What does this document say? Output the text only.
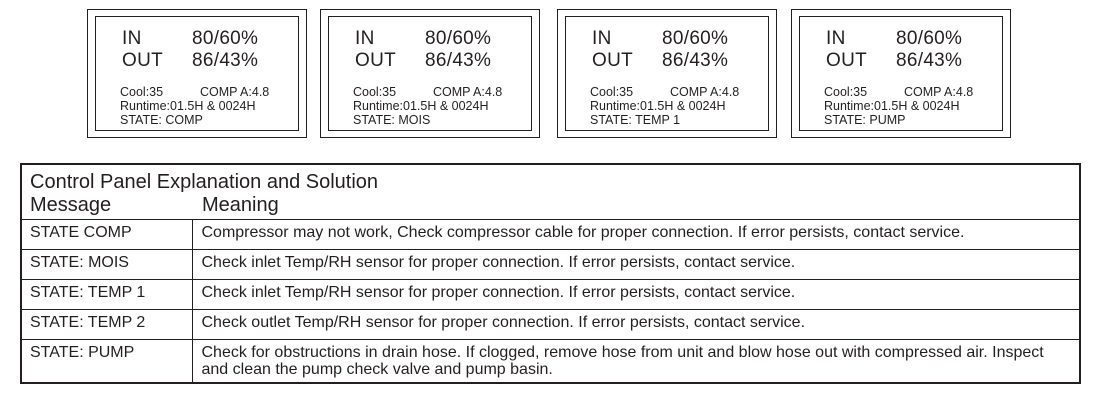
IN	80/60%
OUT 86/43%
Cool:35	COMP A:4.8
Runtime:01.5H & 0024H
STATE: COMP
IN	80/60%
OUT 86/43%
Cool:35	COMP A:4.8
Runtime:01.5H & 0024H
STATE: MOIS
IN	80/60%
OUT 86/43%
Cool:35	COMP A:4.8
Runtime:01.5H & 0024H
STATE: TEMP 1
IN	80/60%
OUT 86/43%
Cool:35	COMP A:4.8
Runtime:01.5H & 0024H
STATE: PUMP
Control Panel Explanation and Solution
Message Meaning	

STATE COMP	Compressor may not work, Check compressor cable for proper connection. If error persists, contact service.
STATE: MOIS	Check inlet Temp/RH sensor for proper connection. If error persists, contact service.
STATE: TEMP 1	Check inlet Temp/RH sensor for proper connection. If error persists, contact service.
STATE: TEMP 2	Check outlet Temp/RH sensor for proper connection. If error persists, contact service.
STATE: PUMP	Check for obstructions in drain hose. If clogged, remove hose from unit and blow hose out with compressed air. Inspect and clean the pump check valve and pump basin.
